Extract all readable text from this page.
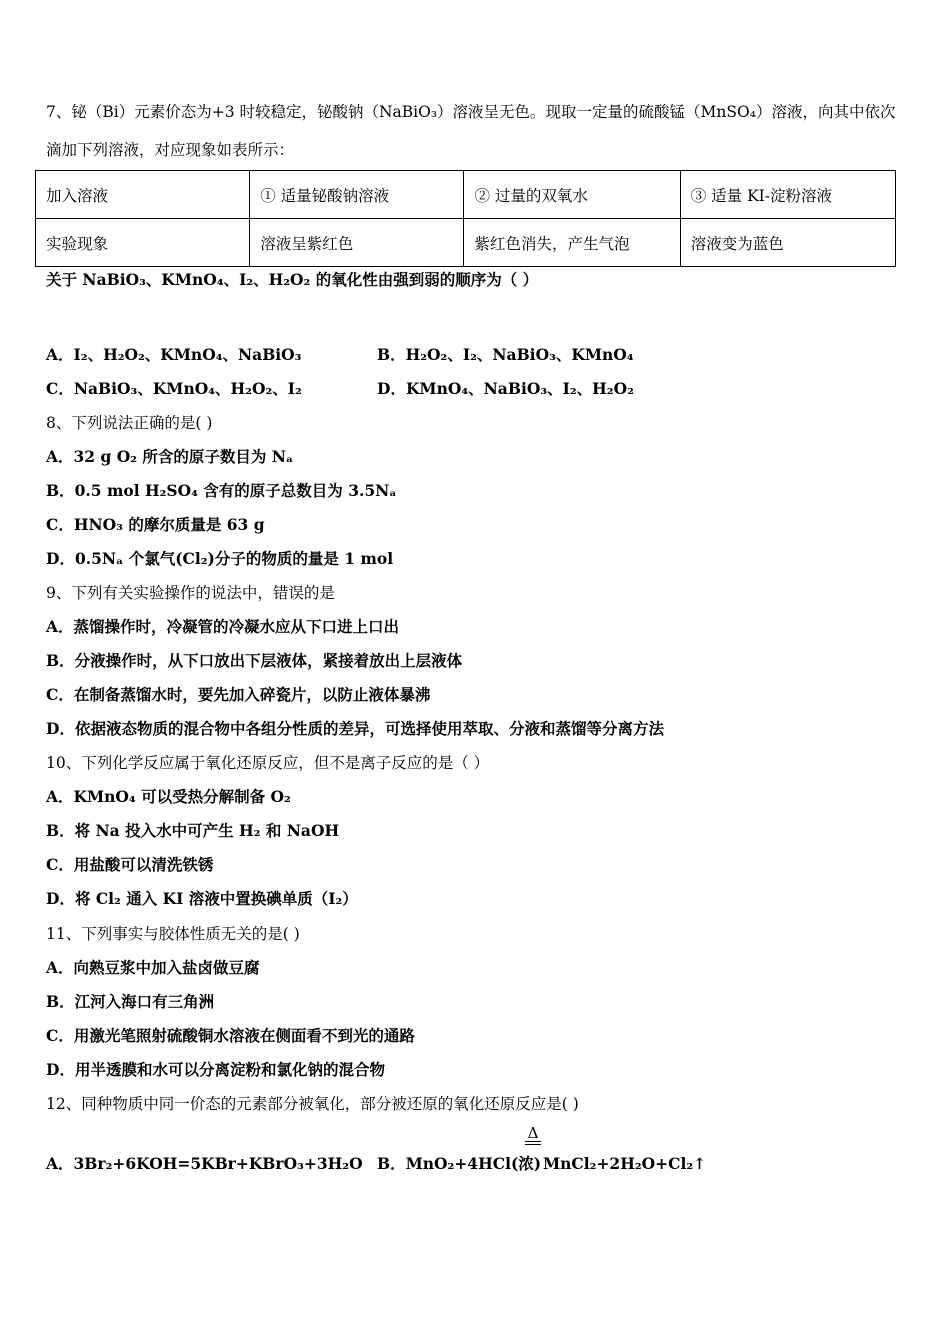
7、铋（Bi）元素价态为+3 时较稳定，铋酸钠（NaBiO₃）溶液呈无色。现取一定量的硫酸锰（MnSO₄）溶液，向其中依次
滴加下列溶液，对应现象如表所示：
加入溶液	① 适量铋酸钠溶液	② 过量的双氧水	③ 适量 KI-淀粉溶液
实验现象	溶液呈紫红色	紫红色消失，产生气泡	溶液变为蓝色
关于 NaBiO₃、KMnO₄、I₂、H₂O₂ 的氧化性由强到弱的顺序为（ ）
A．I₂、H₂O₂、KMnO₄、NaBiO₃	B．H₂O₂、I₂、NaBiO₃、KMnO₄
C．NaBiO₃、KMnO₄、H₂O₂、I₂	D．KMnO₄、NaBiO₃、I₂、H₂O₂
8、下列说法正确的是( )
A．32 g O₂ 所含的原子数目为 Nₐ
B．0.5 mol H₂SO₄ 含有的原子总数目为 3.5Nₐ
C．HNO₃ 的摩尔质量是 63 g
D．0.5Nₐ 个氯气(Cl₂)分子的物质的量是 1 mol
9、下列有关实验操作的说法中，错误的是
A．蒸馏操作时，冷凝管的冷凝水应从下口进上口出
B．分液操作时，从下口放出下层液体，紧接着放出上层液体
C．在制备蒸馏水时，要先加入碎瓷片，以防止液体暴沸
D．依据液态物质的混合物中各组分性质的差异，可选择使用萃取、分液和蒸馏等分离方法
10、下列化学反应属于氧化还原反应，但不是离子反应的是（ ）
A．KMnO₄ 可以受热分解制备 O₂
B．将 Na 投入水中可产生 H₂ 和 NaOH
C．用盐酸可以清洗铁锈
D．将 Cl₂ 通入 KI 溶液中置换碘单质（I₂）
11、下列事实与胶体性质无关的是( )
A．向熟豆浆中加入盐卤做豆腐
B．江河入海口有三角洲
C．用激光笔照射硫酸铜水溶液在侧面看不到光的通路
D．用半透膜和水可以分离淀粉和氯化钠的混合物
12、同种物质中同一价态的元素部分被氧化，部分被还原的氧化还原反应是( )
A．3Br₂+6KOH=5KBr+KBrO₃+3H₂O B．MnO₂+4HCl(浓)
Δ
MnCl₂+2H₂O+Cl₂↑
